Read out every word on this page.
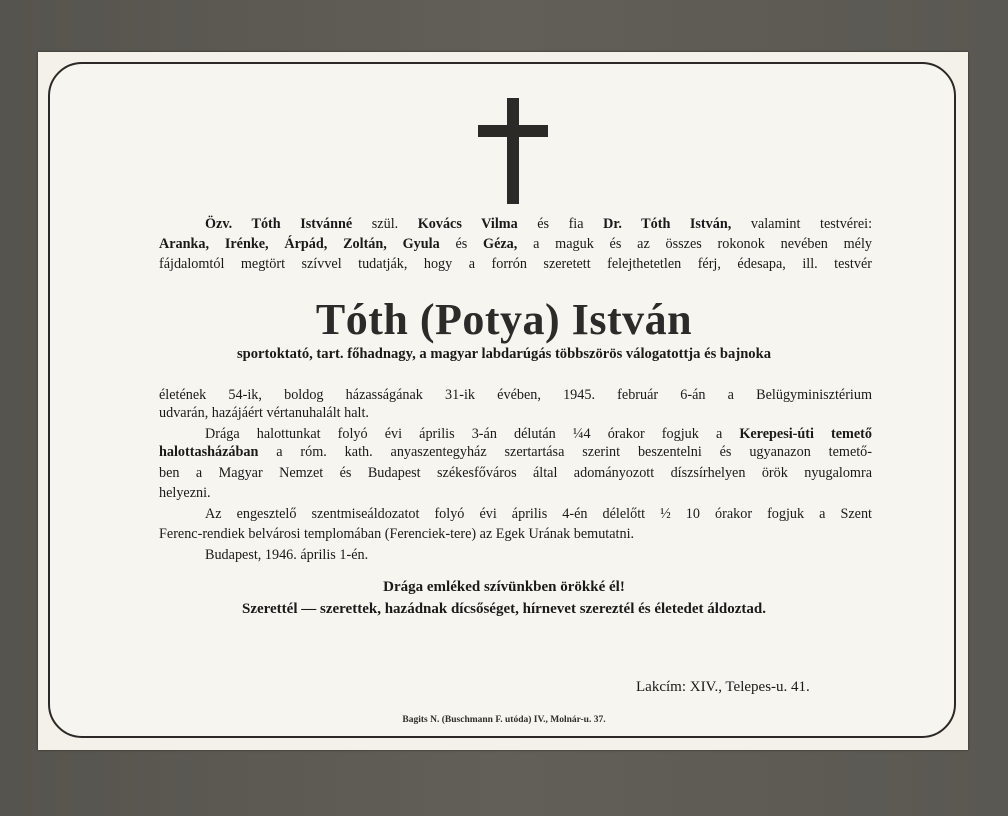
Özv. Tóth Istvánné szül. Kovács Vilma és fia Dr. Tóth István, valamint testvérei:
Aranka, Irénke, Árpád, Zoltán, Gyula és Géza, a maguk és az összes rokonok nevében mély
fájdalomtól megtört szívvel tudatják, hogy a forrón szeretett felejthetetlen férj, édesapa, ill. testvér
Tóth (Potya) István
sportoktató, tart. főhadnagy, a magyar labdarúgás többszörös válogatottja és bajnoka
életének 54-ik, boldog házasságának 31-ik évében, 1945. február 6-án a Belügyminisztérium
udvarán, hazájáért vértanuhalált halt.
Drága halottunkat folyó évi április 3-án délután ¼4 órakor fogjuk a Kerepesi-úti temető
halottasházában a róm. kath. anyaszentegyház szertartása szerint beszentelni és ugyanazon temető-
ben a Magyar Nemzet és Budapest székesfőváros által adományozott díszsírhelyen örök nyugalomra
helyezni.
Az engesztelő szentmiseáldozatot folyó évi április 4-én délelőtt ½ 10 órakor fogjuk a Szent
Ferenc-rendiek belvárosi templomában (Ferenciek-tere) az Egek Urának bemutatni.
Budapest, 1946. április 1-én.
Drága emléked szívünkben örökké él!
Szerettél — szerettek, hazádnak dícsőséget, hírnevet szereztél és életedet áldoztad.
Lakcím: XIV., Telepes-u. 41.
Bagits N. (Buschmann F. utóda) IV., Molnár-u. 37.
